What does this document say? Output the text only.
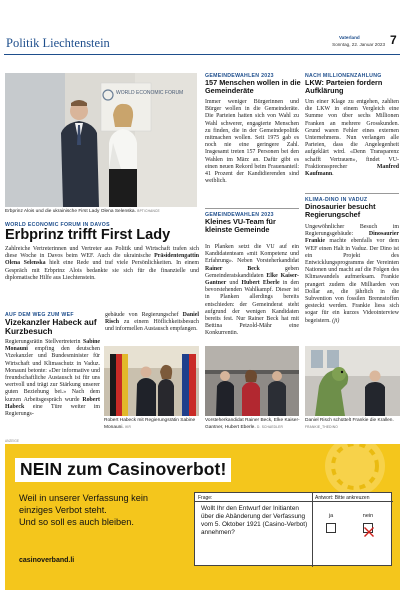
Politik Liechtenstein	Vaterland
Sonntag, 22. Januar 2023 7
WORLD ECONOMIC FORUM
Erbprinz Alois und die ukrainische First Lady Olena Selenska. BPT/CHANCE
WORLD ECONOMIC FORUM IN DAVOS
Erbprinz trifft First Lady
Zahlreiche Vertreterinnen und Vertreter aus Politik und Wirtschaft trafen sich diese Woche in Davos beim WEF. Auch die ukrainische Präsidentengattin Olena Selenska hielt eine Rede und traf viele Persönlichkeiten. In einem Gespräch mit Erbprinz Alois bedankte sie sich für die finanzielle und diplomatische Hilfe aus Liechtenstein.
AUF DEM WEG ZUM WEF
Vizekanzler Habeck auf Kurzbesuch
Regierungsrätin Stellvertreterin Sabine Monauni empfing den deutschen Vizekanzler und Bundesminister für Wirtschaft und Klimaschutz in Vaduz. Monauni betonte: «Der informative und freundschaftliche Austausch ist für uns wertvoll und trägt zur Stärkung unserer guten Beziehung bei.» Nach dem kurzen Arbeitsgespräch wurde Robert Habeck eine Türe weiter im Regierungs-
gebäude von Regierungschef Daniel Risch zu einem Höflichkeitsbesuch und informellen Austausch empfangen.
Robert Habeck mit Regierungsrätin Sabine Monauni. IKR
GEMEINDEWAHLEN 2023
157 Menschen wollen in die Gemeinderäte
Immer weniger Bürgerinnen und Bürger wollen in die Gemeinderäte. Die Parteien hatten sich von Wahl zu Wahl schwerer, engagierte Menschen zu finden, die in der Gemeindepolitik mitmachen wollen. Seit 1975 gab es noch nie eine geringere Zahl. Insgesamt treten 157 Personen bei den Wahlen im März an. Dafür gibt es einen neuen Rekord beim Frauenanteil: 41 Prozent der Kandidierenden sind weiblich.
GEMEINDEWAHLEN 2023
Kleines VU-Team für kleinste Gemeinde
In Planken setzt die VU auf ein Kandidatenteam «mit Kompetenz und Erfahrung». Neben Vorsteherkandidat Rainer Beck geben Gemeinderatskandidaten Elke Kaiser-Gantner und Hubert Eberle in den bevorstehenden Wahlkampf. Dieser ist in Planken allerdings bereits entschieden: der Gemeinderat steht aufgrund der wenigen Kandidaten bereits fest. Nur Rainer Beck hat mit Bettina Petzold-Mähr eine Konkurrentin.
Vorsteherkandidat Rainer Beck, Elke Kaiser-Gantner, Hubert Eberle. D. SCHAEDLER
NACH MILLIONENZAHLUNG
LKW: Parteien fordern Aufklärung
Um einer Klage zu entgehen, zahlten die LKW in einem Vergleich eine Summe von über sechs Millionen Franken an mehrere Grosskunden. Grund waren Fehler eines externen Unternehmens. Nun verlangen alle Parteien, dass die Angelegenheit aufgeklärt wird. «Denn Transparenz schafft Vertrauen», findet VU-Fraktionssprecher Manfred Kaufmann.
KLIMA-DINO IN VADUZ
Dinosaurier besucht Regierungschef
Ungewöhnlicher Besuch im Regierungsgebäude: Dinosaurier Frankie machte ebenfalls vor dem WEF einen Halt in Vaduz. Der Dino ist ein Projekt des Entwicklungsprogramms der Vereinten Nationen und macht auf die Folgen des Klimawandels aufmerksam. Frankie prangert zudem die Milliarden von Dollar an, die jährlich in die Subvention von fossilen Brennstoffen gesteckt werden. Frankie liess sich sogar für ein kurzes Videointerview begeistern. (ji)
Daniel Risch schüttelt Frankie die Krallen. FRANKIE_THEDINO
ANZEIGE
NEIN zum Casinoverbot!
Weil in unserer Verfassung kein
einziges Verbot steht.
Und so soll es auch bleiben.
casinoverband.li
Frage:	Antwort: Bitte ankreuzen
Wollt Ihr den Entwurf der Initianten über die Abänderung der Verfassung vom 5. Oktober 1921 (Casino-Verbot) annehmen?
ja	nein
